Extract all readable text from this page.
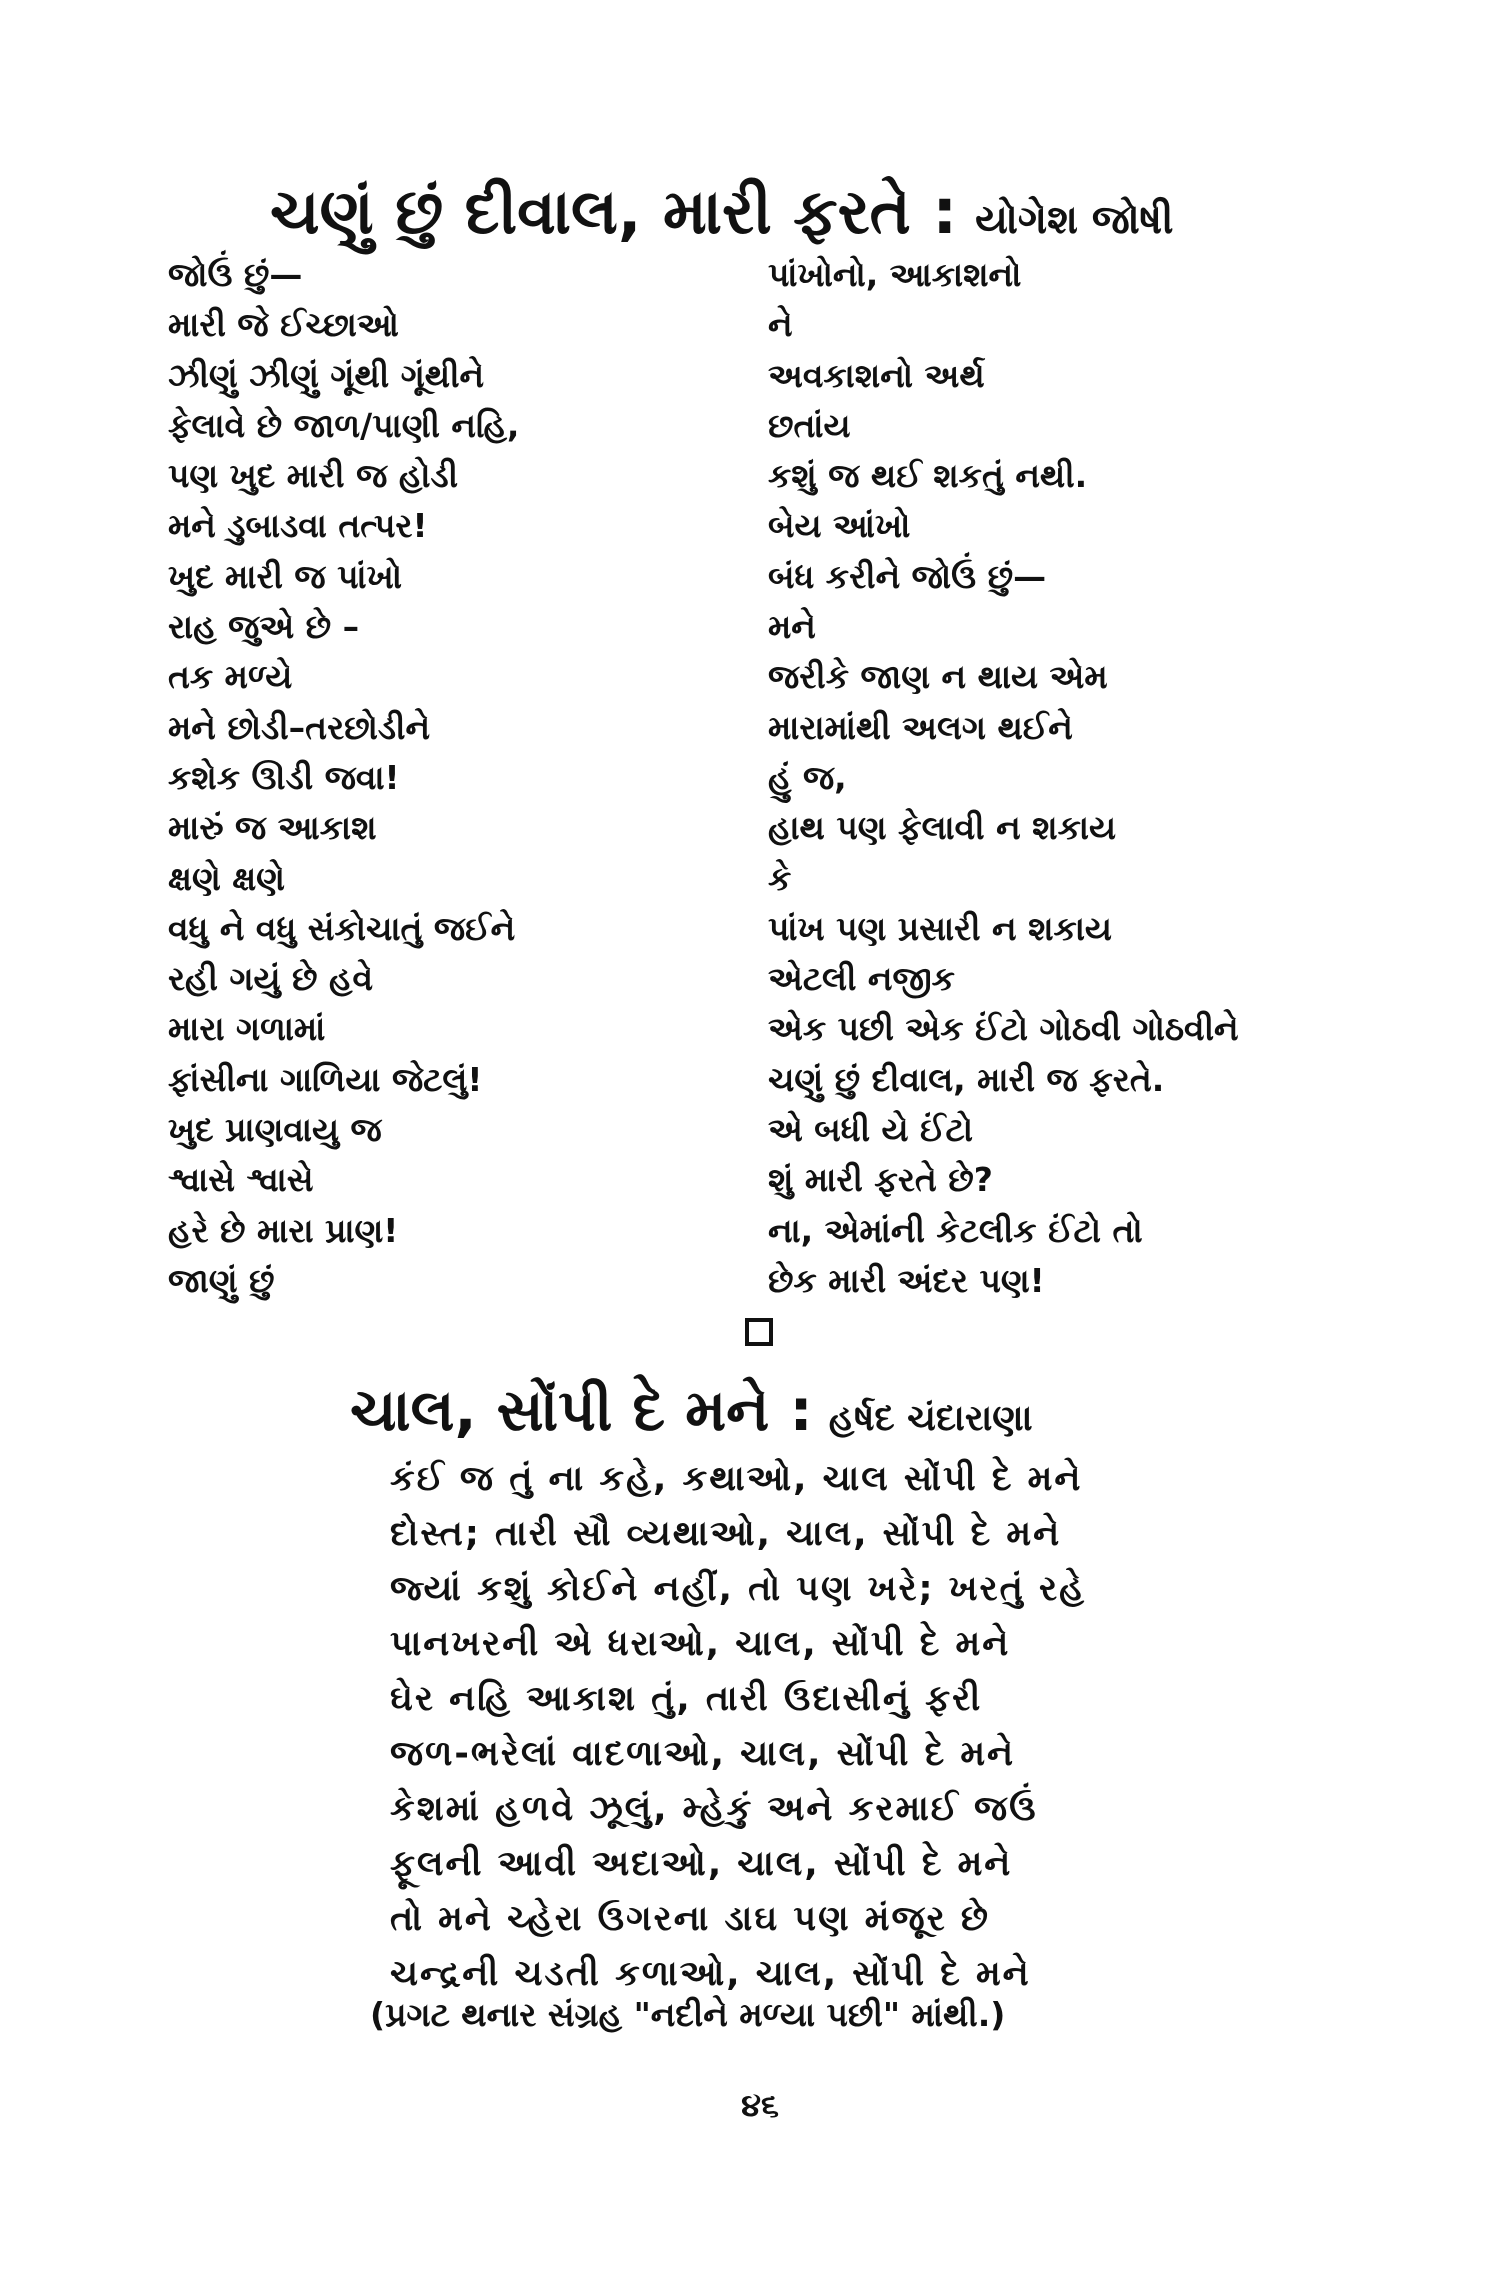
ચણું છું દીવાલ, મારી ફરતે : યોગેશ જોષી
જોઉં છું—
મારી જે ઈચ્છાઓ
ઝીણું ઝીણું ગૂંથી ગૂંથીને
ફેલાવે છે જાળ/પાણી નહિ,
પણ ખુદ મારી જ હોડી
મને ડુબાડવા તત્પર!
ખુદ મારી જ પાંખો
રાહ જુએ છે –
તક મળ્યે
મને છોડી–તરછોડીને
કશેક ઊડી જવા!
મારું જ આકાશ
ક્ષણે ક્ષણે
વધુ ને વધુ સંકોચાતું જઈને
રહી ગયું છે હવે
મારા ગળામાં
ફાંસીના ગાળિયા જેટલું!
ખુદ પ્રાણવાયુ જ
શ્વાસે શ્વાસે
હરે છે મારા પ્રાણ!
જાણું છું
પાંખોનો, આકાશનો
ને
અવકાશનો અર્થ
છતાંય
કશું જ થઈ શકતું નથી.
બેય આંખો
બંધ કરીને જોઉં છું—
મને
જરીકે જાણ ન થાય એમ
મારામાંથી અલગ થઈને
હું જ,
હાથ પણ ફેલાવી ન શકાય
કે
પાંખ પણ પ્રસારી ન શકાય
એટલી નજીક
એક પછી એક ઈંટો ગોઠવી ગોઠવીને
ચણું છું દીવાલ, મારી જ ફરતે.
એ બધી યે ઈંટો
શું મારી ફરતે છે?
ના, એમાંની કેટલીક ઈંટો તો
છેક મારી અંદર પણ!
ચાલ, સોંપી દે મને : હર્ષદ ચંદારાણા
કંઈ જ તું ના કહે, કથાઓ, ચાલ સોંપી દે મને
દોસ્ત; તારી સૌ વ્યથાઓ, ચાલ, સોંપી દે મને
જ્યાં કશું કોઈને નહીં, તો પણ ખરે; ખરતું રહે
પાનખરની એ ધરાઓ, ચાલ, સોંપી દે મને
ઘેર નહિ આકાશ તું, તારી ઉદાસીનું ફરી
જળ-ભરેલાં વાદળાઓ, ચાલ, સોંપી દે મને
કેશમાં હળવે ઝૂલું, મ્હેકું અને કરમાઈ જઉં
ફૂલની આવી અદાઓ, ચાલ, સોંપી દે મને
તો મને ચ્હેરા ઉગરના ડાઘ પણ મંજૂર છે
ચન્દ્રની ચડતી કળાઓ, ચાલ, સોંપી દે મને
(પ્રગટ થનાર સંગ્રહ "નદીને મળ્યા પછી" માંથી.)
૪૬
